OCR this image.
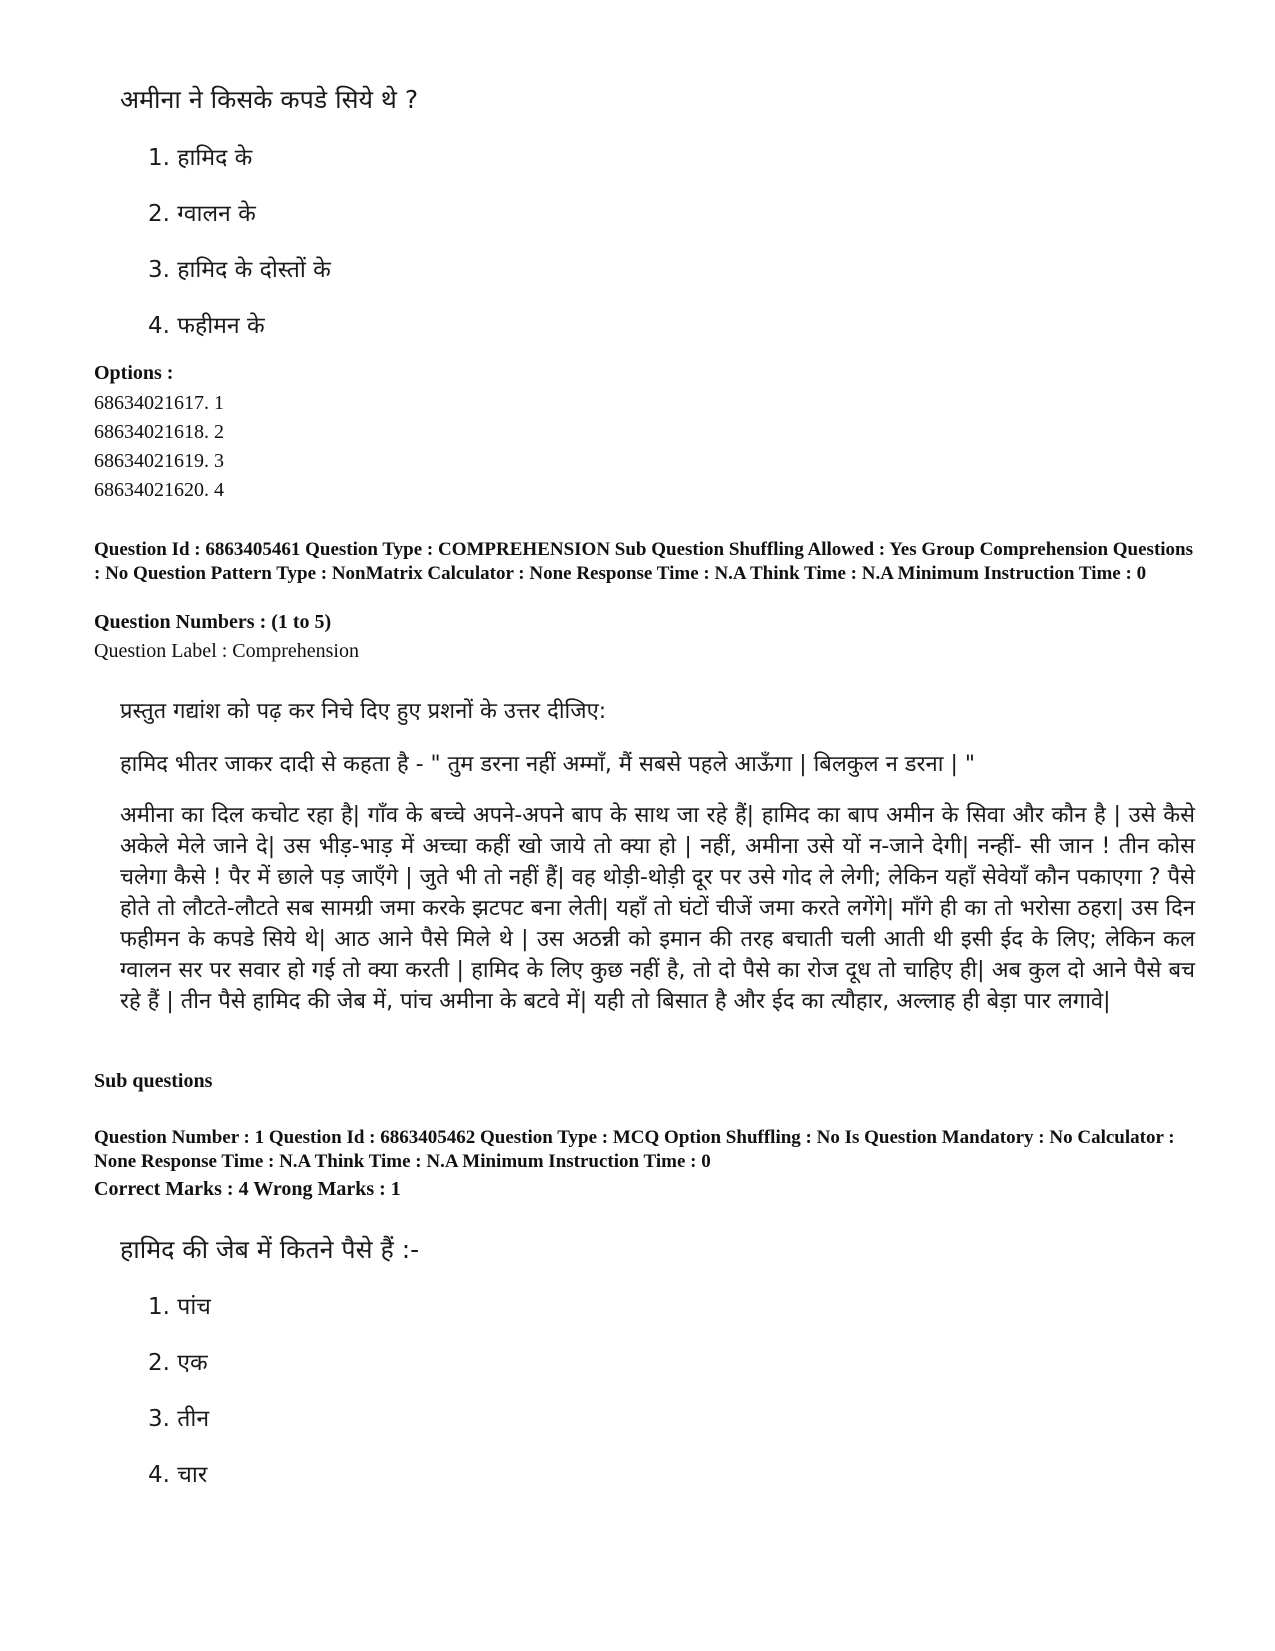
अमीना ने किसके कपडे सिये थे ?
1. हामिद के
2. ग्वालन के
3. हामिद के दोस्तों के
4. फहीमन के
Options :
68634021617. 1
68634021618. 2
68634021619. 3
68634021620. 4
Question Id : 6863405461 Question Type : COMPREHENSION Sub Question Shuffling Allowed : Yes Group Comprehension Questions : No Question Pattern Type : NonMatrix Calculator : None Response Time : N.A Think Time : N.A Minimum Instruction Time : 0
Question Numbers : (1 to 5)
Question Label : Comprehension
प्रस्तुत गद्यांश को पढ़ कर निचे दिए हुए प्रशनों के उत्तर दीजिए:
हामिद भीतर जाकर दादी से कहता है - " तुम डरना नहीं अम्माँ, मैं सबसे पहले आऊँगा | बिलकुल न डरना | "
अमीना का दिल कचोट रहा है| गाँव के बच्चे अपने-अपने बाप के साथ जा रहे हैं| हामिद का बाप अमीन के सिवा और कौन है | उसे कैसे अकेले मेले जाने दे| उस भीड़-भाड़ में अच्चा कहीं खो जाये तो क्या हो | नहीं, अमीना उसे यों न-जाने देगी| नन्हीं- सी जान ! तीन कोस चलेगा कैसे ! पैर में छाले पड़ जाएँगे | जुते भी तो नहीं हैं| वह थोड़ी-थोड़ी दूर पर उसे गोद ले लेगी; लेकिन यहाँ सेवेयाँ कौन पकाएगा ? पैसे होते तो लौटते-लौटते सब सामग्री जमा करके झटपट बना लेती| यहाँ तो घंटों चीजें जमा करते लगेंगे| माँगे ही का तो भरोसा ठहरा| उस दिन फहीमन के कपडे सिये थे| आठ आने पैसे मिले थे | उस अठन्नी को इमान की तरह बचाती चली आती थी इसी ईद के लिए; लेकिन कल ग्वालन सर पर सवार हो गई तो क्या करती | हामिद के लिए कुछ नहीं है, तो दो पैसे का रोज दूध तो चाहिए ही| अब कुल दो आने पैसे बच रहे हैं | तीन पैसे हामिद की जेब में, पांच अमीना के बटवे में| यही तो बिसात है और ईद का त्यौहार, अल्लाह ही बेड़ा पार लगावे|
Sub questions
Question Number : 1 Question Id : 6863405462 Question Type : MCQ Option Shuffling : No Is Question Mandatory : No Calculator : None Response Time : N.A Think Time : N.A Minimum Instruction Time : 0
Correct Marks : 4 Wrong Marks : 1
हामिद की जेब में कितने पैसे हैं :-
1. पांच
2. एक
3. तीन
4. चार
